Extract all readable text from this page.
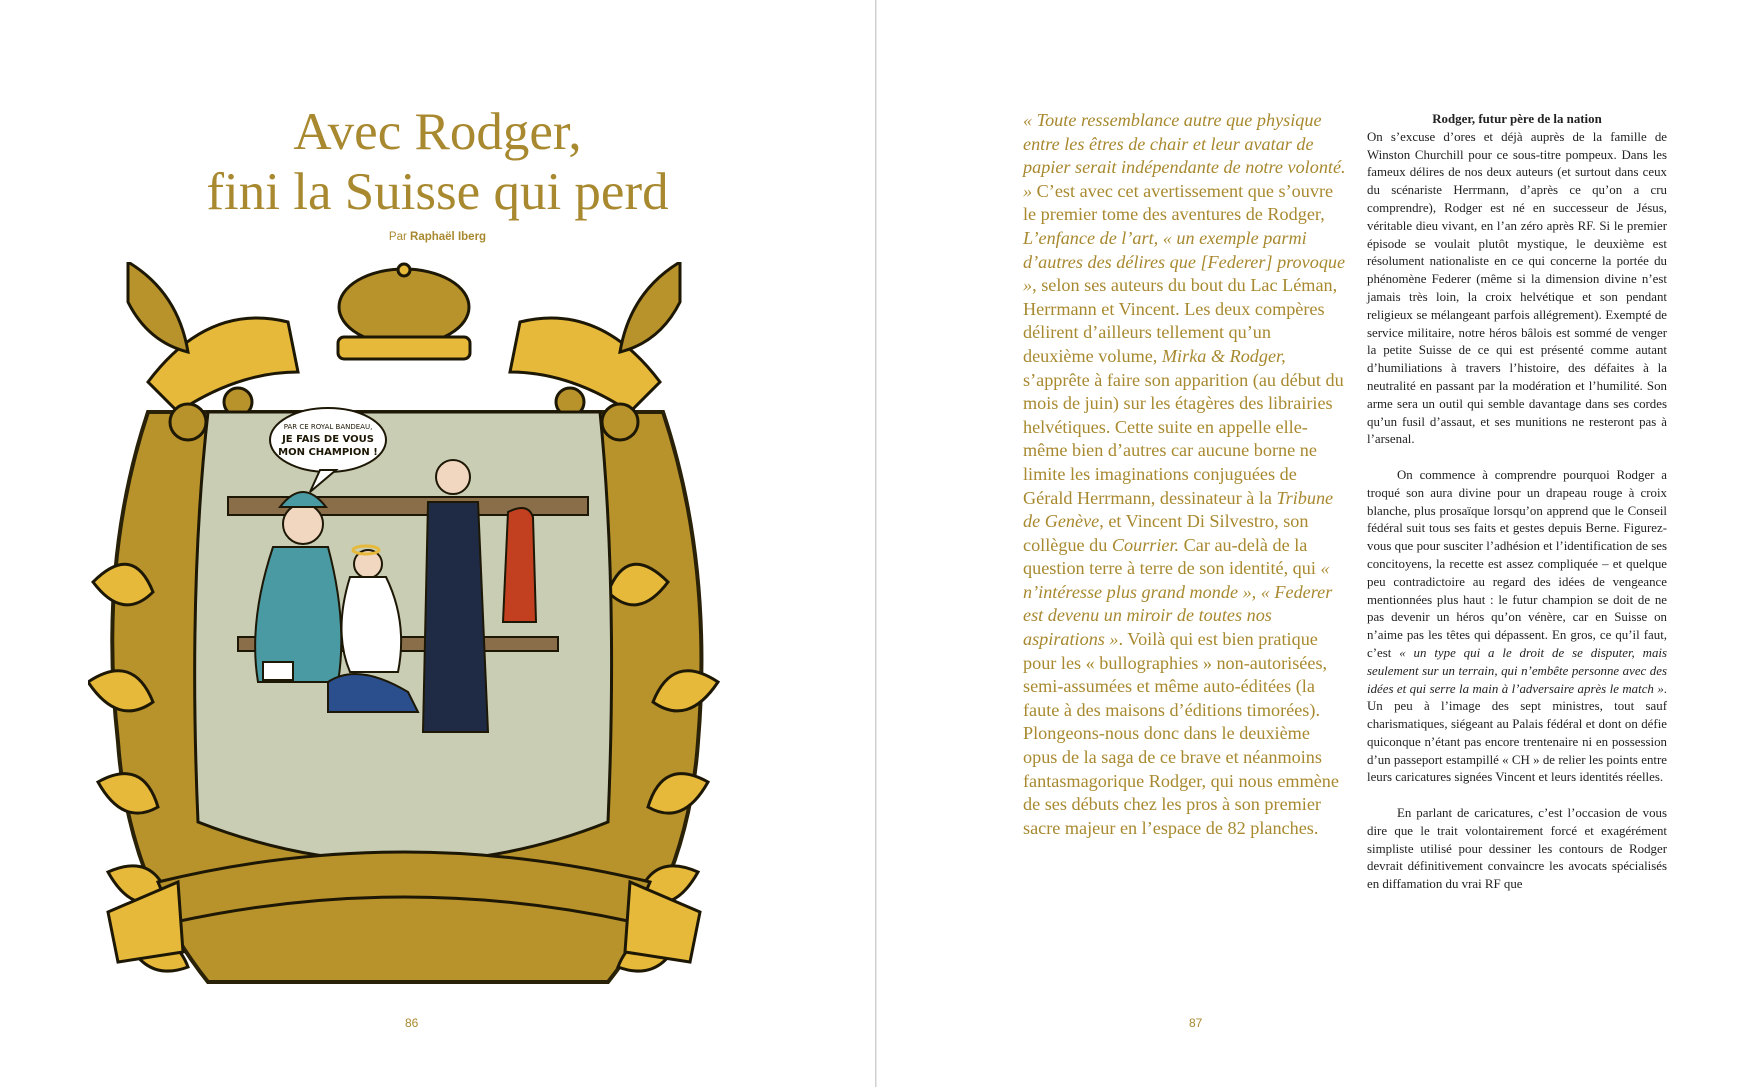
Avec Rodger,
fini la Suisse qui perd
Par Raphaël Iberg
PAR CE ROYAL BANDEAU,
JE FAIS DE VOUS
MON CHAMPION !
86
« Toute ressemblance autre que physique entre les êtres de chair et leur avatar de papier serait indépendante de notre volonté. » C’est avec cet avertissement que s’ouvre le premier tome des aventures de Rodger, L’enfance de l’art, « un exemple parmi d’autres des délires que [Federer] provoque », selon ses auteurs du bout du Lac Léman, Herrmann et Vincent. Les deux compères délirent d’ailleurs tellement qu’un deuxième volume, Mirka & Rodger, s’apprête à faire son apparition (au début du mois de juin) sur les étagères des librairies helvétiques. Cette suite en appelle elle-même bien d’autres car aucune borne ne limite les imaginations conjuguées de Gérald Herrmann, dessinateur à la Tribune de Genève, et Vincent Di Silvestro, son collègue du Courrier. Car au-delà de la question terre à terre de son identité, qui « n’intéresse plus grand monde », « Federer est devenu un miroir de toutes nos aspirations ». Voilà qui est bien pratique pour les « bullographies » non-autorisées, semi-assumées et même auto-éditées (la faute à des maisons d’éditions timorées). Plongeons-nous donc dans le deuxième opus de la saga de ce brave et néanmoins fantasmagorique Rodger, qui nous emmène de ses débuts chez les pros à son premier sacre majeur en l’espace de 82 planches.
Rodger, futur père de la nation

On s’excuse d’ores et déjà auprès de la famille de Winston Churchill pour ce sous-titre pompeux. Dans les fameux délires de nos deux auteurs (et surtout dans ceux du scénariste Herrmann, d’après ce qu’on a cru comprendre), Rodger est né en successeur de Jésus, véritable dieu vivant, en l’an zéro après RF. Si le premier épisode se voulait plutôt mystique, le deuxième est résolument nationaliste en ce qui concerne la portée du phénomène Federer (même si la dimension divine n’est jamais très loin, la croix helvétique et son pendant religieux se mélangeant parfois allégrement). Exempté de service militaire, notre héros bâlois est sommé de venger la petite Suisse de ce qui est présenté comme autant d’humiliations à travers l’histoire, des défaites à la neutralité en passant par la modération et l’humilité. Son arme sera un outil qui semble davantage dans ses cordes qu’un fusil d’assaut, et ses munitions ne resteront pas à l’arsenal.

On commence à comprendre pourquoi Rodger a troqué son aura divine pour un drapeau rouge à croix blanche, plus prosaïque lorsqu’on apprend que le Conseil fédéral suit tous ses faits et gestes depuis Berne. Figurez-vous que pour susciter l’adhésion et l’identification de ses concitoyens, la recette est assez compliquée – et quelque peu contradictoire au regard des idées de vengeance mentionnées plus haut : le futur champion se doit de ne pas devenir un héros qu’on vénère, car en Suisse on n’aime pas les têtes qui dépassent. En gros, ce qu’il faut, c’est « un type qui a le droit de se disputer, mais seulement sur un terrain, qui n’embête personne avec des idées et qui serre la main à l’adversaire après le match ». Un peu à l’image des sept ministres, tout sauf charismatiques, siégeant au Palais fédéral et dont on défie quiconque n’étant pas encore trentenaire ni en possession d’un passeport estampillé « CH » de relier les points entre leurs caricatures signées Vincent et leurs identités réelles.

En parlant de caricatures, c’est l’occasion de vous dire que le trait volontairement forcé et exagérément simpliste utilisé pour dessiner les contours de Rodger devrait définitivement convaincre les avocats spécialisés en diffamation du vrai RF que

87
